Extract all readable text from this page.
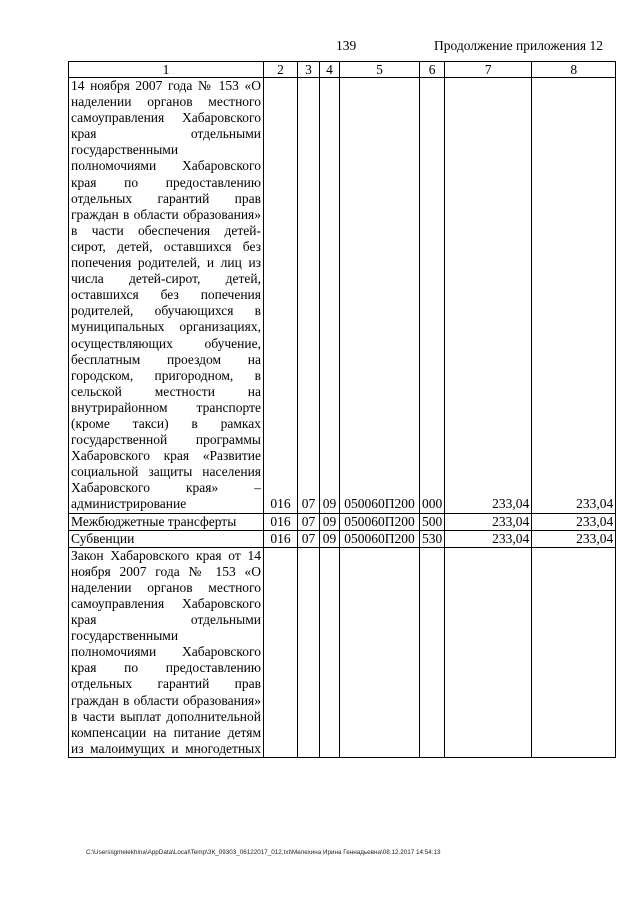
139	Продолжение приложения 12
1	2	3	4	5	6	7	8
14 ноября 2007 года № 153 «О наделении органов местного самоуправления Хабаровского края отдельными государственными полномочиями Хабаровского края по предоставлению отдельных гарантий прав граждан в области образования» в части обеспечения детей-сирот, детей, оставшихся без попечения родителей, и лиц из числа детей-сирот, детей, оставшихся без попечения родителей, обучающихся в муниципальных организациях, осуществляющих обучение, бесплатным проездом на городском, пригородном, в сельской местности на внутрирайонном транспорте (кроме такси) в рамках государственной программы Хабаровского края «Развитие социальной защиты населения Хабаровского края» – администрирование	016	07	09	050060П200	000	233,04	233,04
Межбюджетные трансферты	016	07	09	050060П200	500	233,04	233,04
Субвенции	016	07	09	050060П200	530	233,04	233,04
Закон Хабаровского края от 14 ноября 2007 года № 153 «О наделении органов местного самоуправления Хабаровского края отдельными государственными полномочиями Хабаровского края по предоставлению отдельных гарантий прав граждан в области образования» в части выплат дополнительной компенсации на питание детям из малоимущих и многодетных							
C:\Users\igmelekhina\AppData\Local\Temp\ЗК_09303_06122017_012.txt\Мелехина Ирина Геннадьевна\08.12.2017 14:54:13
